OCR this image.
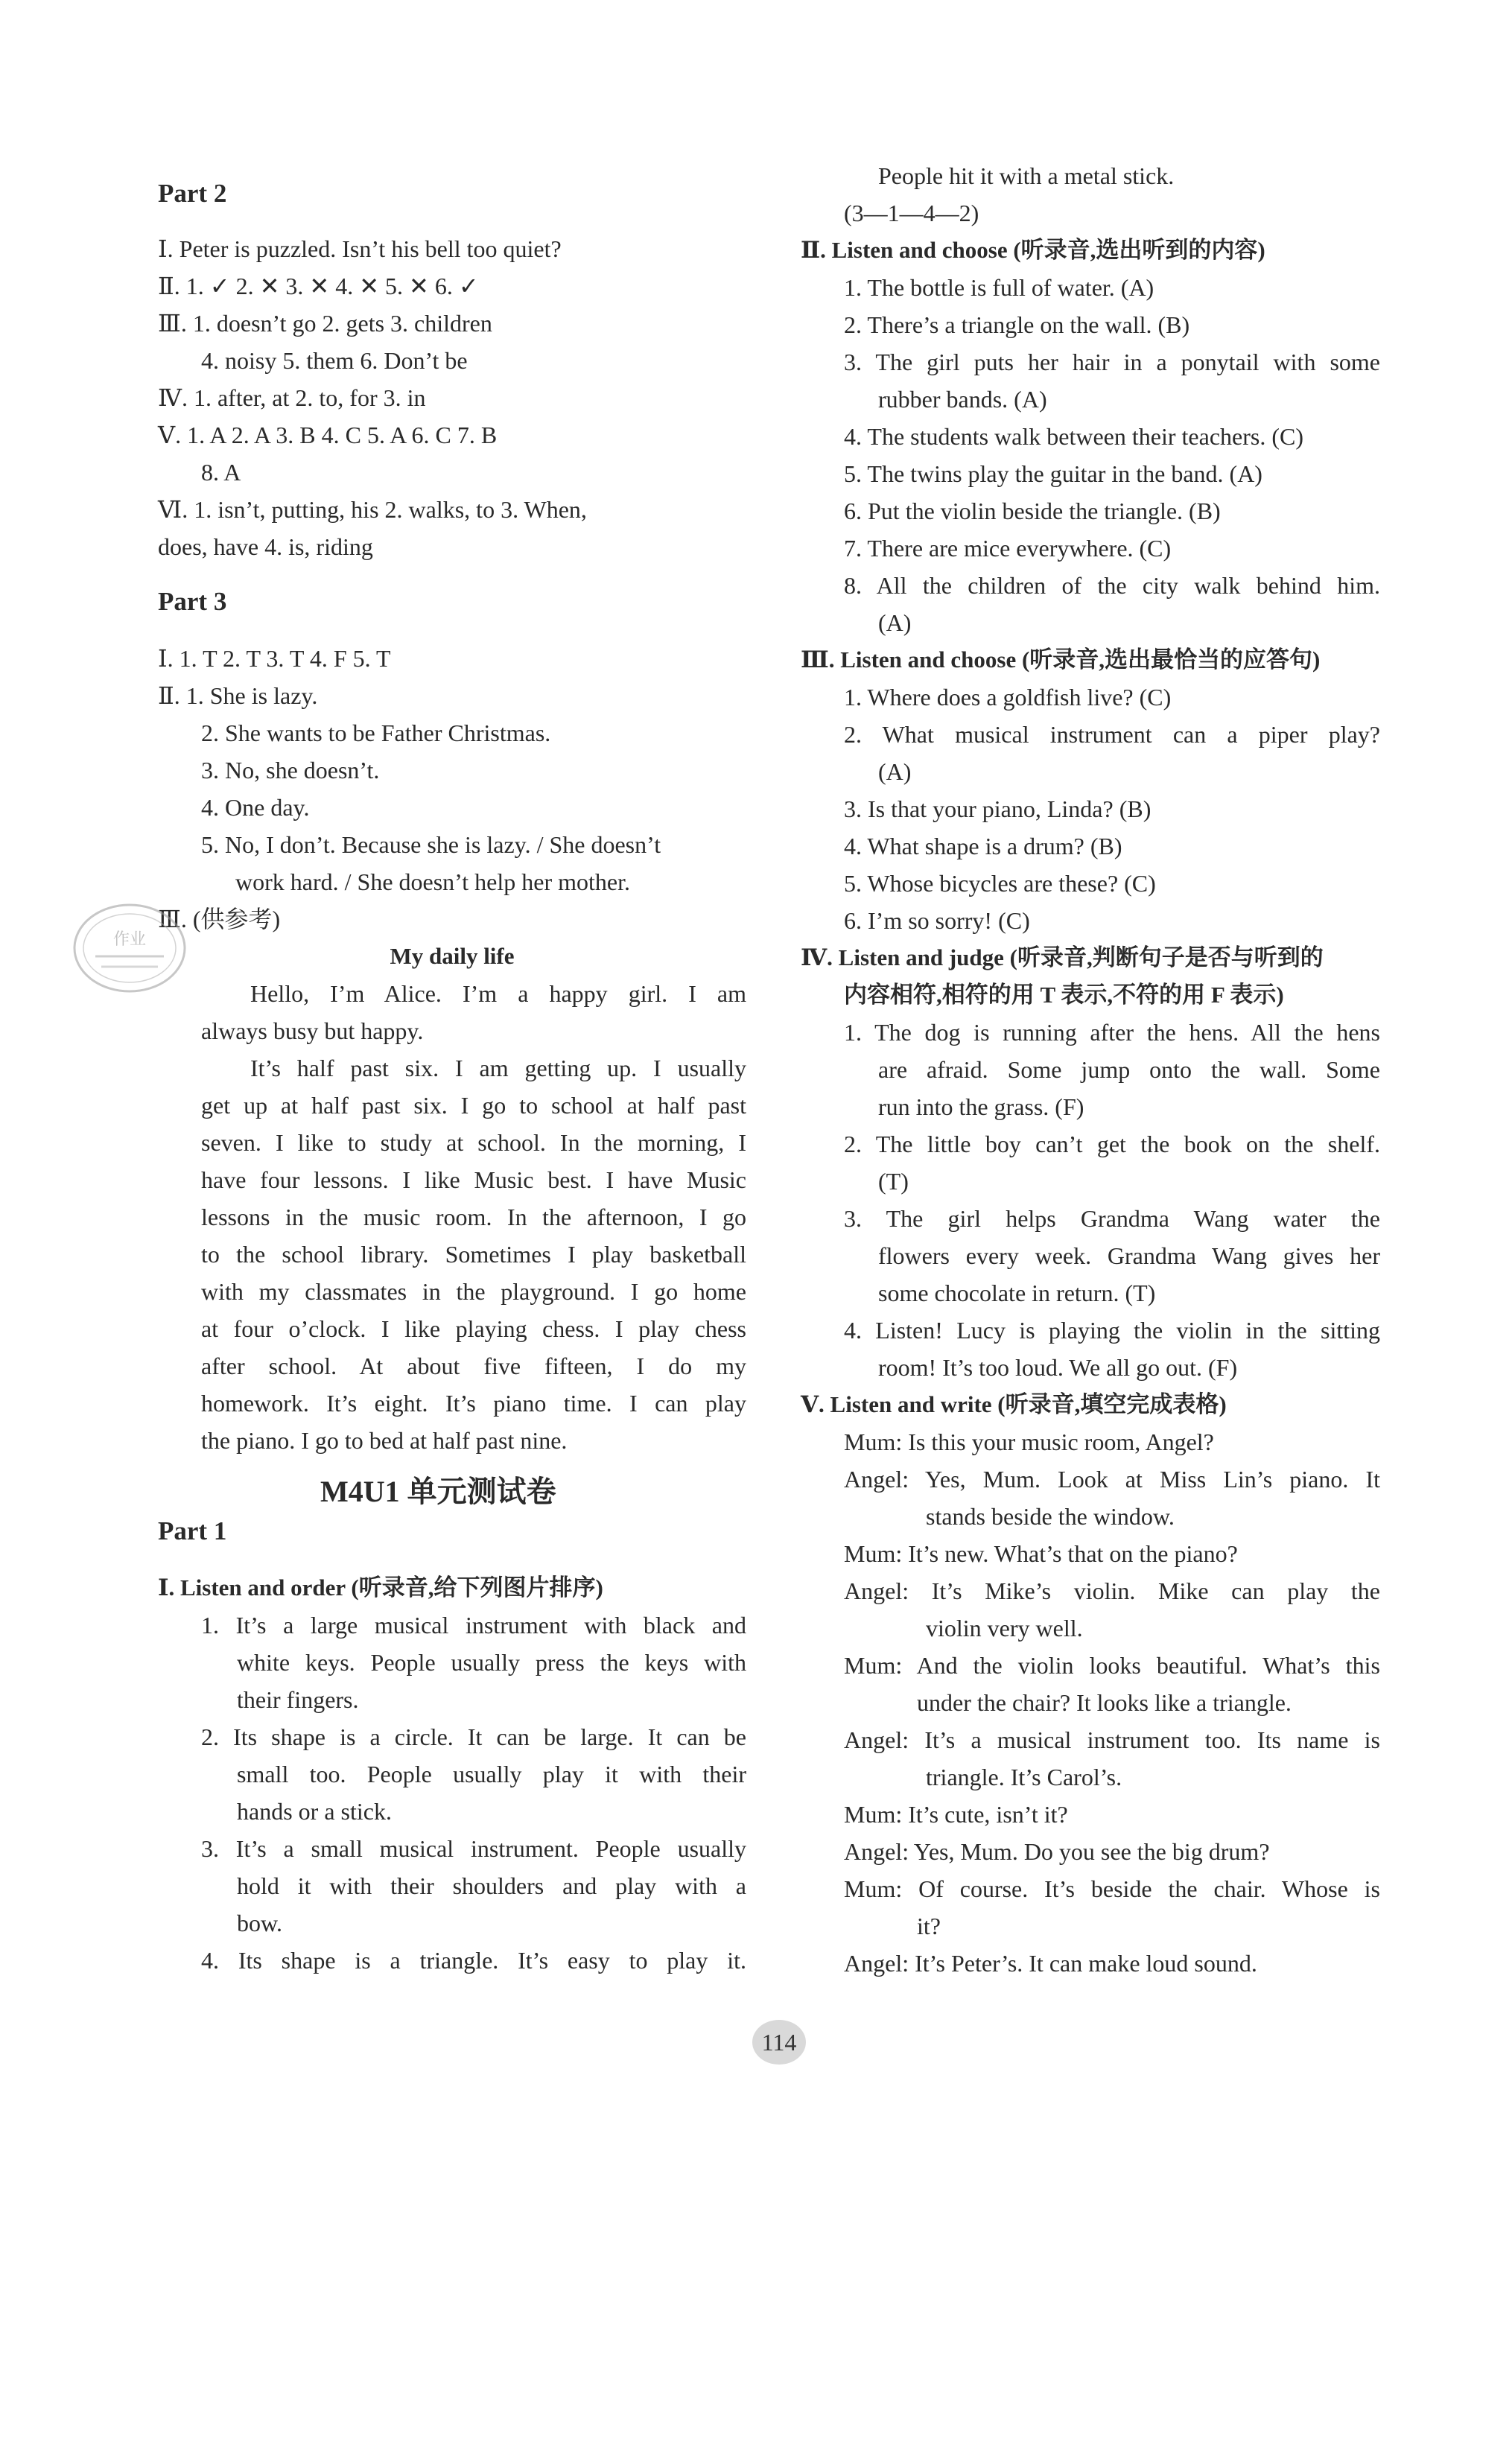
Part 2
Ⅰ. Peter is puzzled. Isn’t his bell too quiet?
Ⅱ. 1. ✓ 2. ✕ 3. ✕ 4. ✕ 5. ✕ 6. ✓
Ⅲ. 1. doesn’t go 2. gets 3. children
4. noisy 5. them 6. Don’t be
Ⅳ. 1. after, at 2. to, for 3. in
Ⅴ. 1. A 2. A 3. B 4. C 5. A 6. C 7. B
8. A
Ⅵ. 1. isn’t, putting, his 2. walks, to 3. When,
does, have 4. is, riding
Part 3
Ⅰ. 1. T 2. T 3. T 4. F 5. T
Ⅱ. 1. She is lazy.
2. She wants to be Father Christmas.
3. No, she doesn’t.
4. One day.
5. No, I don’t. Because she is lazy. / She doesn’t
work hard. / She doesn’t help her mother.
Ⅲ. (供参考)
My daily life
Hello, I’m Alice. I’m a happy girl. I am
always busy but happy.
It’s half past six. I am getting up. I usually
get up at half past six. I go to school at half past
seven. I like to study at school. In the morning, I
have four lessons. I like Music best. I have Music
lessons in the music room. In the afternoon, I go
to the school library. Sometimes I play basketball
with my classmates in the playground. I go home
at four o’clock. I like playing chess. I play chess
after school. At about five fifteen, I do my
homework. It’s eight. It’s piano time. I can play
the piano. I go to bed at half past nine.
M4U1 单元测试卷
Part 1
Ⅰ. Listen and order (听录音,给下列图片排序)
1. It’s a large musical instrument with black and
white keys. People usually press the keys with
their fingers.
2. Its shape is a circle. It can be large. It can be
small too. People usually play it with their
hands or a stick.
3. It’s a small musical instrument. People usually
hold it with their shoulders and play with a
bow.
4. Its shape is a triangle. It’s easy to play it.
People hit it with a metal stick.
(3—1—4—2)
Ⅱ. Listen and choose (听录音,选出听到的内容)
1. The bottle is full of water. (A)
2. There’s a triangle on the wall. (B)
3. The girl puts her hair in a ponytail with some
rubber bands. (A)
4. The students walk between their teachers. (C)
5. The twins play the guitar in the band. (A)
6. Put the violin beside the triangle. (B)
7. There are mice everywhere. (C)
8. All the children of the city walk behind him.
(A)
Ⅲ. Listen and choose (听录音,选出最恰当的应答句)
1. Where does a goldfish live? (C)
2. What musical instrument can a piper play?
(A)
3. Is that your piano, Linda? (B)
4. What shape is a drum? (B)
5. Whose bicycles are these? (C)
6. I’m so sorry! (C)
Ⅳ. Listen and judge (听录音,判断句子是否与听到的
内容相符,相符的用 T 表示,不符的用 F 表示)
1. The dog is running after the hens. All the hens
are afraid. Some jump onto the wall. Some
run into the grass. (F)
2. The little boy can’t get the book on the shelf.
(T)
3. The girl helps Grandma Wang water the
flowers every week. Grandma Wang gives her
some chocolate in return. (T)
4. Listen! Lucy is playing the violin in the sitting
room! It’s too loud. We all go out. (F)
Ⅴ. Listen and write (听录音,填空完成表格)
Mum: Is this your music room, Angel?
Angel: Yes, Mum. Look at Miss Lin’s piano. It
stands beside the window.
Mum: It’s new. What’s that on the piano?
Angel: It’s Mike’s violin. Mike can play the
violin very well.
Mum: And the violin looks beautiful. What’s this
under the chair? It looks like a triangle.
Angel: It’s a musical instrument too. Its name is
triangle. It’s Carol’s.
Mum: It’s cute, isn’t it?
Angel: Yes, Mum. Do you see the big drum?
Mum: Of course. It’s beside the chair. Whose is
it?
Angel: It’s Peter’s. It can make loud sound.
114
作业
